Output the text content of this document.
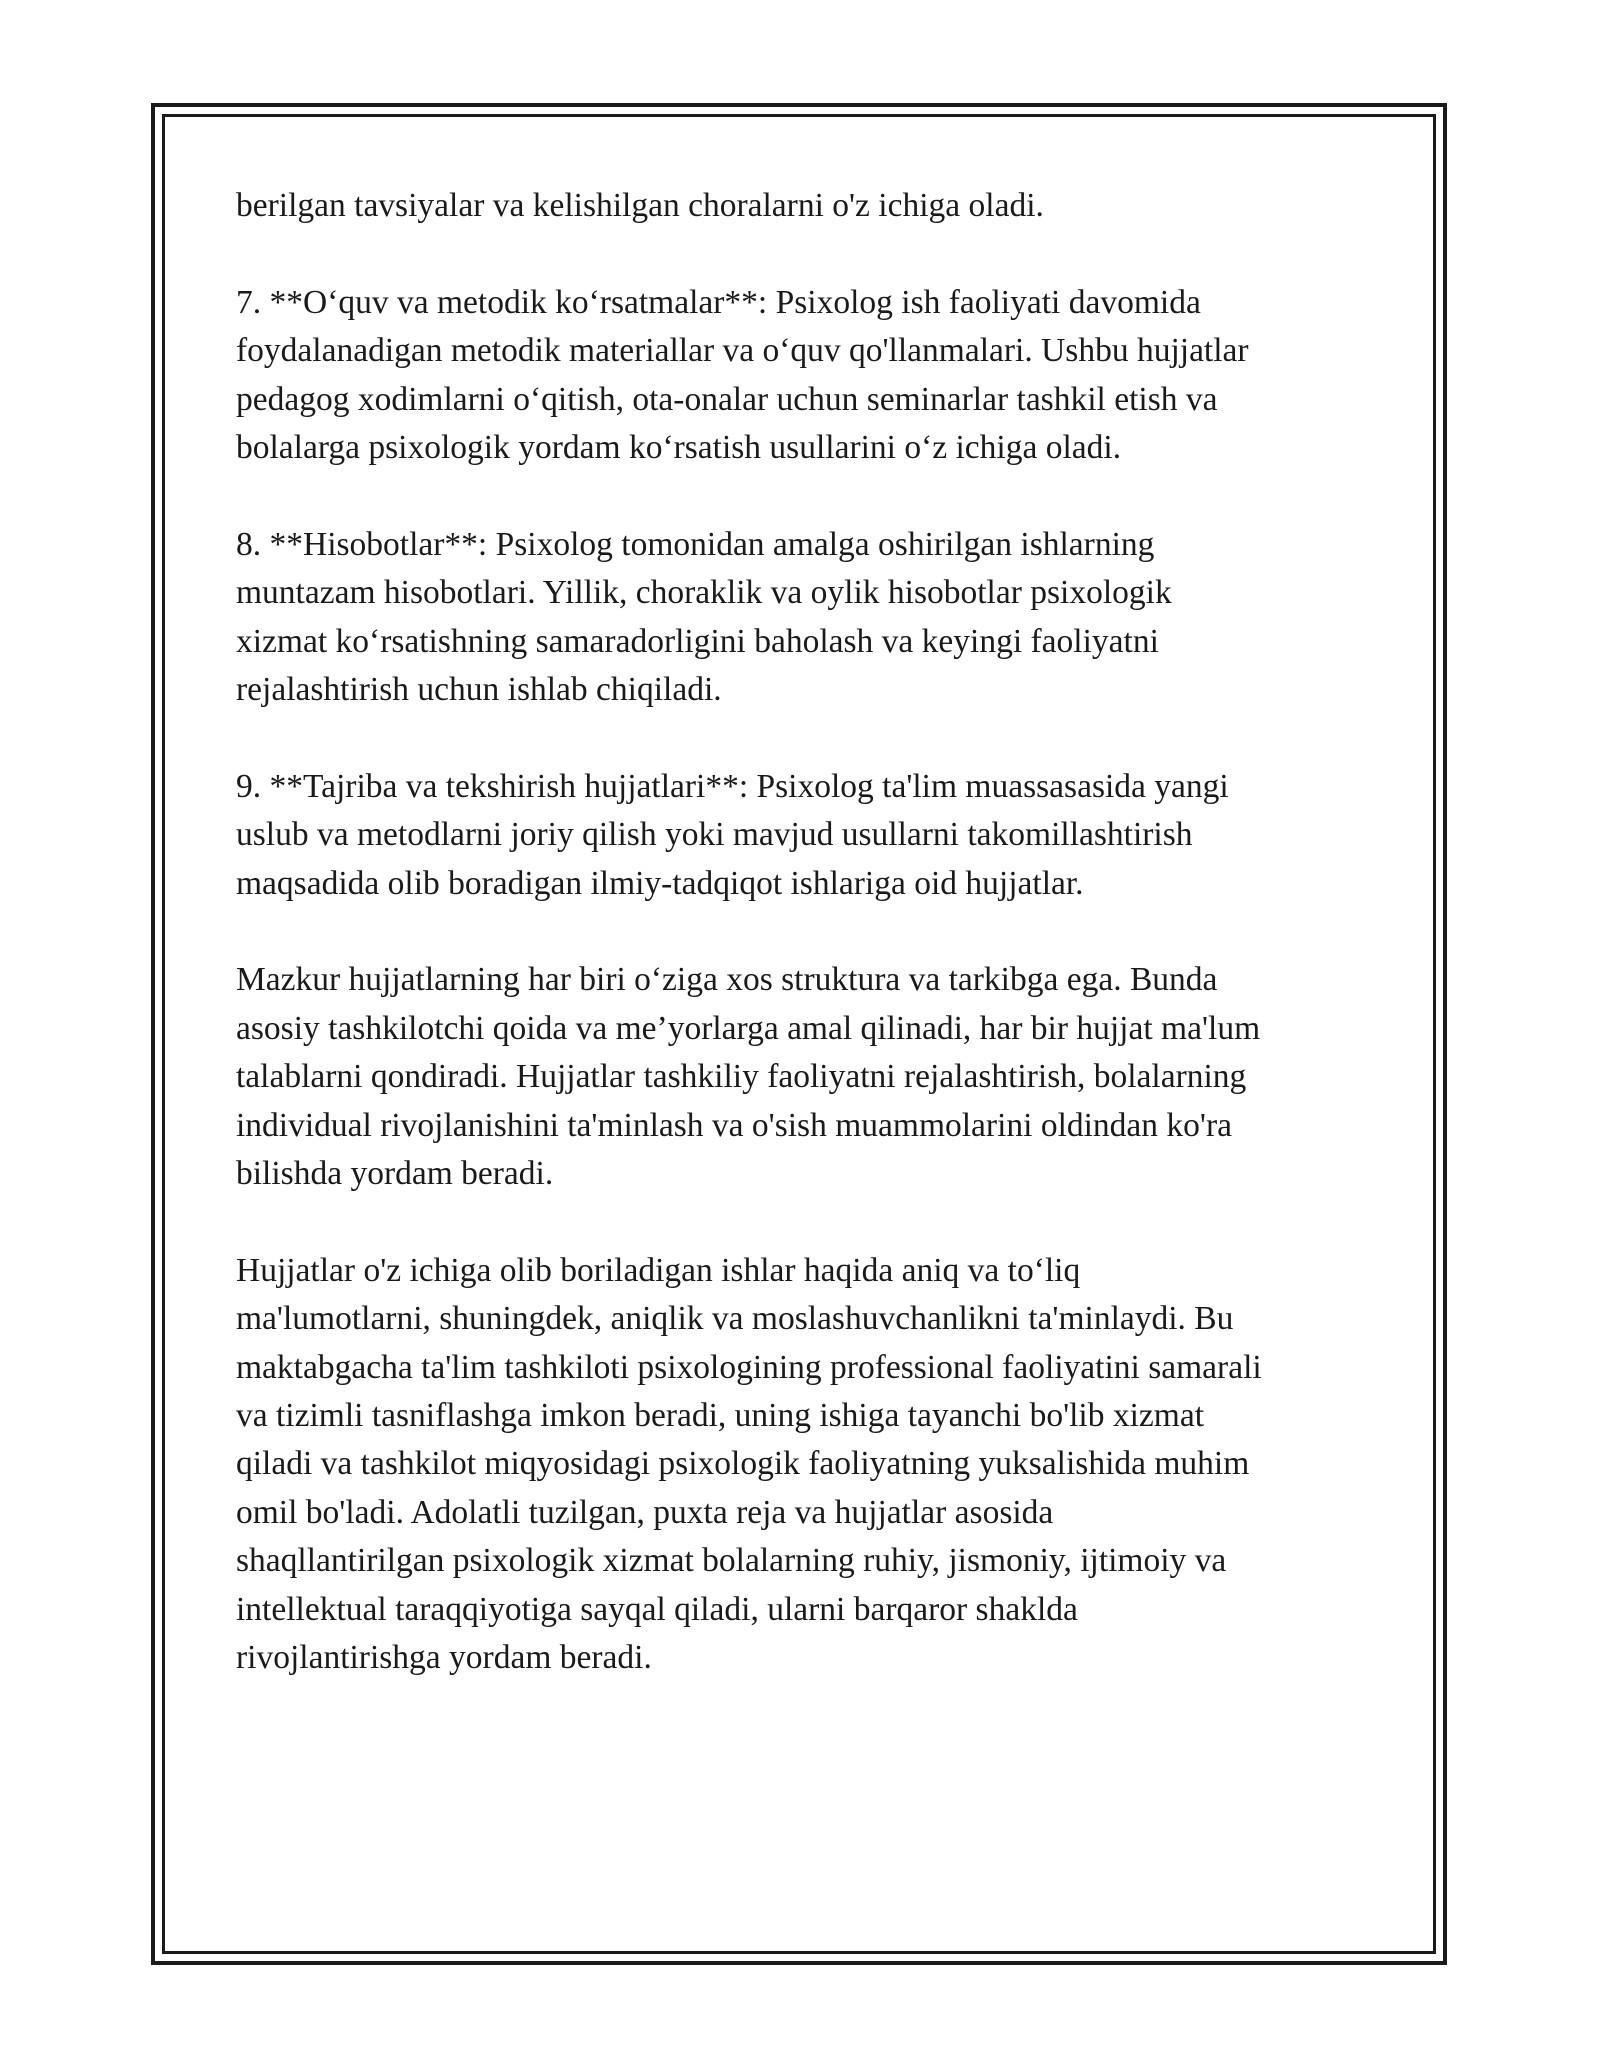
berilgan tavsiyalar va kelishilgan choralarni o'z ichiga oladi.

7. **O‘quv va metodik ko‘rsatmalar**: Psixolog ish faoliyati davomida
foydalanadigan metodik materiallar va o‘quv qo'llanmalari. Ushbu hujjatlar
pedagog xodimlarni o‘qitish, ota-onalar uchun seminarlar tashkil etish va
bolalarga psixologik yordam ko‘rsatish usullarini o‘z ichiga oladi.

8. **Hisobotlar**: Psixolog tomonidan amalga oshirilgan ishlarning
muntazam hisobotlari. Yillik, choraklik va oylik hisobotlar psixologik
xizmat ko‘rsatishning samaradorligini baholash va keyingi faoliyatni
rejalashtirish uchun ishlab chiqiladi.

9. **Tajriba va tekshirish hujjatlari**: Psixolog ta'lim muassasasida yangi
uslub va metodlarni joriy qilish yoki mavjud usullarni takomillashtirish
maqsadida olib boradigan ilmiy-tadqiqot ishlariga oid hujjatlar.

Mazkur hujjatlarning har biri o‘ziga xos struktura va tarkibga ega. Bunda
asosiy tashkilotchi qoida va me’yorlarga amal qilinadi, har bir hujjat ma'lum
talablarni qondiradi. Hujjatlar tashkiliy faoliyatni rejalashtirish, bolalarning
individual rivojlanishini ta'minlash va o'sish muammolarini oldindan ko'ra
bilishda yordam beradi.

Hujjatlar o'z ichiga olib boriladigan ishlar haqida aniq va to‘liq
ma'lumotlarni, shuningdek, aniqlik va moslashuvchanlikni ta'minlaydi. Bu
maktabgacha ta'lim tashkiloti psixologining professional faoliyatini samarali
va tizimli tasniflashga imkon beradi, uning ishiga tayanchi bo'lib xizmat
qiladi va tashkilot miqyosidagi psixologik faoliyatning yuksalishida muhim
omil bo'ladi. Adolatli tuzilgan, puxta reja va hujjatlar asosida
shaqllantirilgan psixologik xizmat bolalarning ruhiy, jismoniy, ijtimoiy va
intellektual taraqqiyotiga sayqal qiladi, ularni barqaror shaklda
rivojlantirishga yordam beradi.
